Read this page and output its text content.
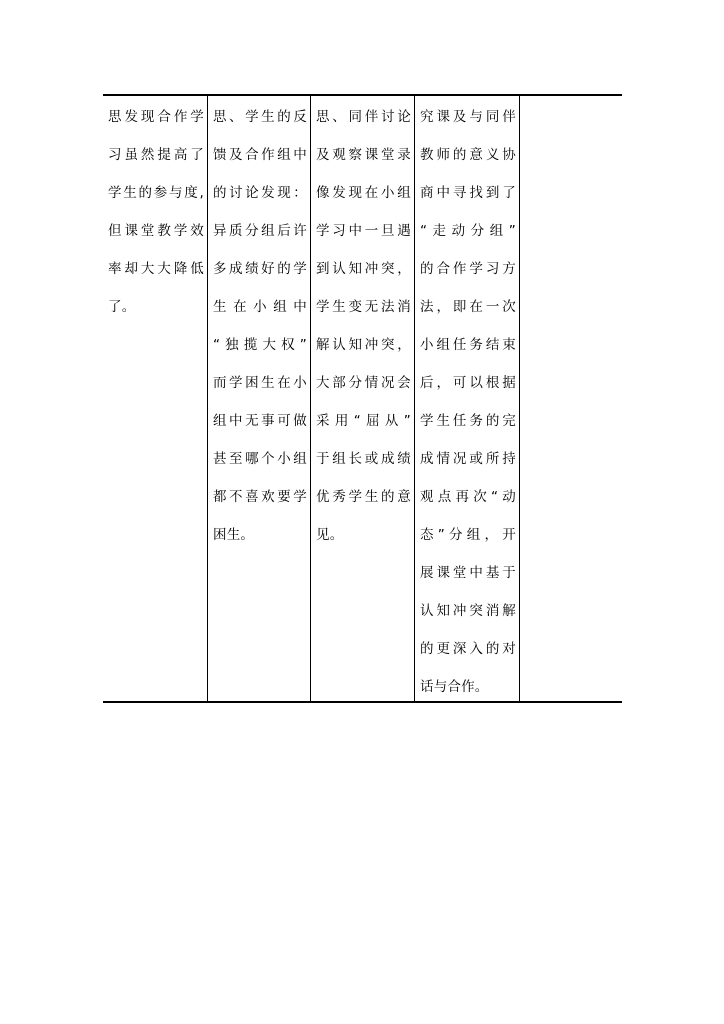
思发现合作学
习虽然提高了
学生的参与度,
但课堂教学效
率却大大降低
了。
思、学生的反
馈及合作组中
的讨论发现：
异质分组后许
多成绩好的学
生 在 小 组 中
“独揽大权”
而学困生在小
组中无事可做
甚至哪个小组
都不喜欢要学
困生。
思、同伴讨论
及观察课堂录
像发现在小组
学习中一旦遇
到认知冲突，
学生变无法消
解认知冲突，
大部分情况会
采用“屈从”
于组长或成绩
优秀学生的意
见。
究课及与同伴
教师的意义协
商中寻找到了
“走动分组”
的合作学习方
法，即在一次
小组任务结束
后，可以根据
学生任务的完
成情况或所持
观点再次“动
态”分组，开
展课堂中基于
认知冲突消解
的更深入的对
话与合作。
